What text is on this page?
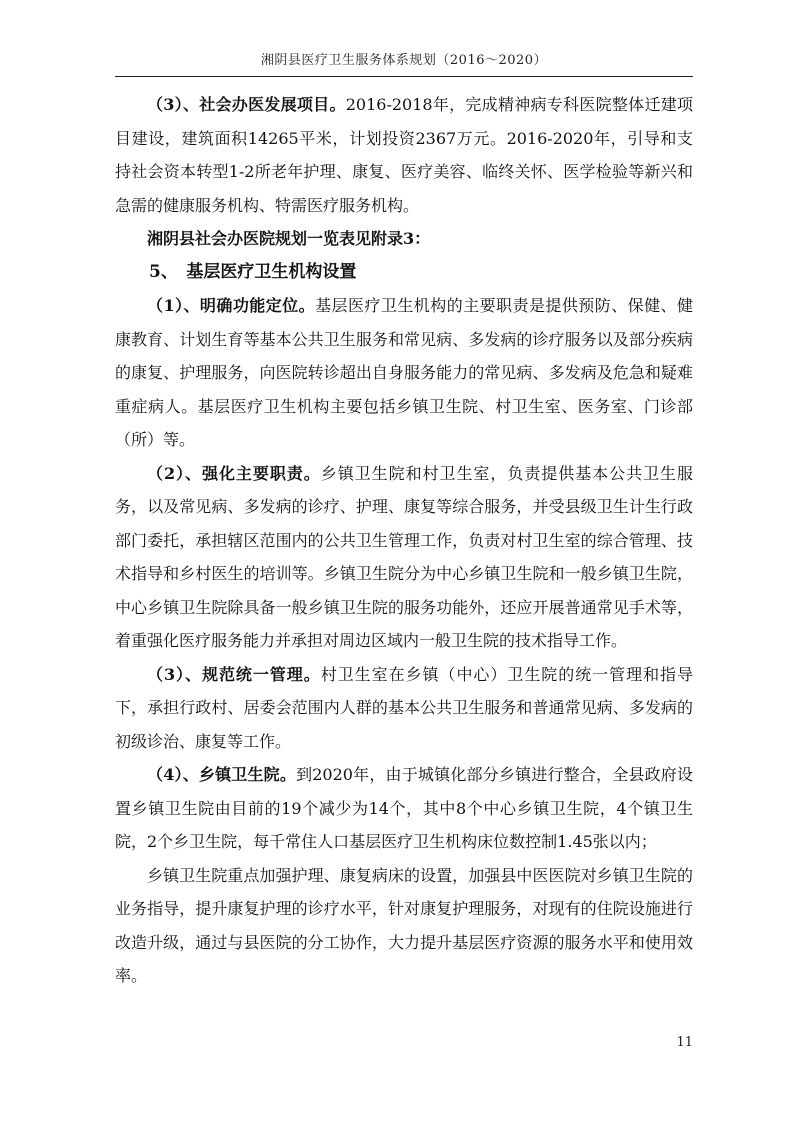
湘阴县医疗卫生服务体系规划（2016～2020）

（3）、社会办医发展项目。2016-2018年，完成精神病专科医院整体迁建项目建设，建筑面积14265平米，计划投资2367万元。2016-2020年，引导和支持社会资本转型1-2所老年护理、康复、医疗美容、临终关怀、医学检验等新兴和急需的健康服务机构、特需医疗服务机构。

湘阴县社会办医院规划一览表见附录3：

5、　基层医疗卫生机构设置

（1）、明确功能定位。基层医疗卫生机构的主要职责是提供预防、保健、健康教育、计划生育等基本公共卫生服务和常见病、多发病的诊疗服务以及部分疾病的康复、护理服务，向医院转诊超出自身服务能力的常见病、多发病及危急和疑难重症病人。基层医疗卫生机构主要包括乡镇卫生院、村卫生室、医务室、门诊部（所）等。

（2）、强化主要职责。乡镇卫生院和村卫生室，负责提供基本公共卫生服务，以及常见病、多发病的诊疗、护理、康复等综合服务，并受县级卫生计生行政部门委托，承担辖区范围内的公共卫生管理工作，负责对村卫生室的综合管理、技术指导和乡村医生的培训等。乡镇卫生院分为中心乡镇卫生院和一般乡镇卫生院，中心乡镇卫生院除具备一般乡镇卫生院的服务功能外，还应开展普通常见手术等，着重强化医疗服务能力并承担对周边区域内一般卫生院的技术指导工作。

（3）、规范统一管理。村卫生室在乡镇（中心）卫生院的统一管理和指导下，承担行政村、居委会范围内人群的基本公共卫生服务和普通常见病、多发病的初级诊治、康复等工作。

（4）、乡镇卫生院。到2020年，由于城镇化部分乡镇进行整合，全县政府设置乡镇卫生院由目前的19个减少为14个，其中8个中心乡镇卫生院，4个镇卫生院，2个乡卫生院，每千常住人口基层医疗卫生机构床位数控制1.45张以内；

乡镇卫生院重点加强护理、康复病床的设置，加强县中医医院对乡镇卫生院的业务指导，提升康复护理的诊疗水平，针对康复护理服务，对现有的住院设施进行改造升级，通过与县医院的分工协作，大力提升基层医疗资源的服务水平和使用效率。

11
